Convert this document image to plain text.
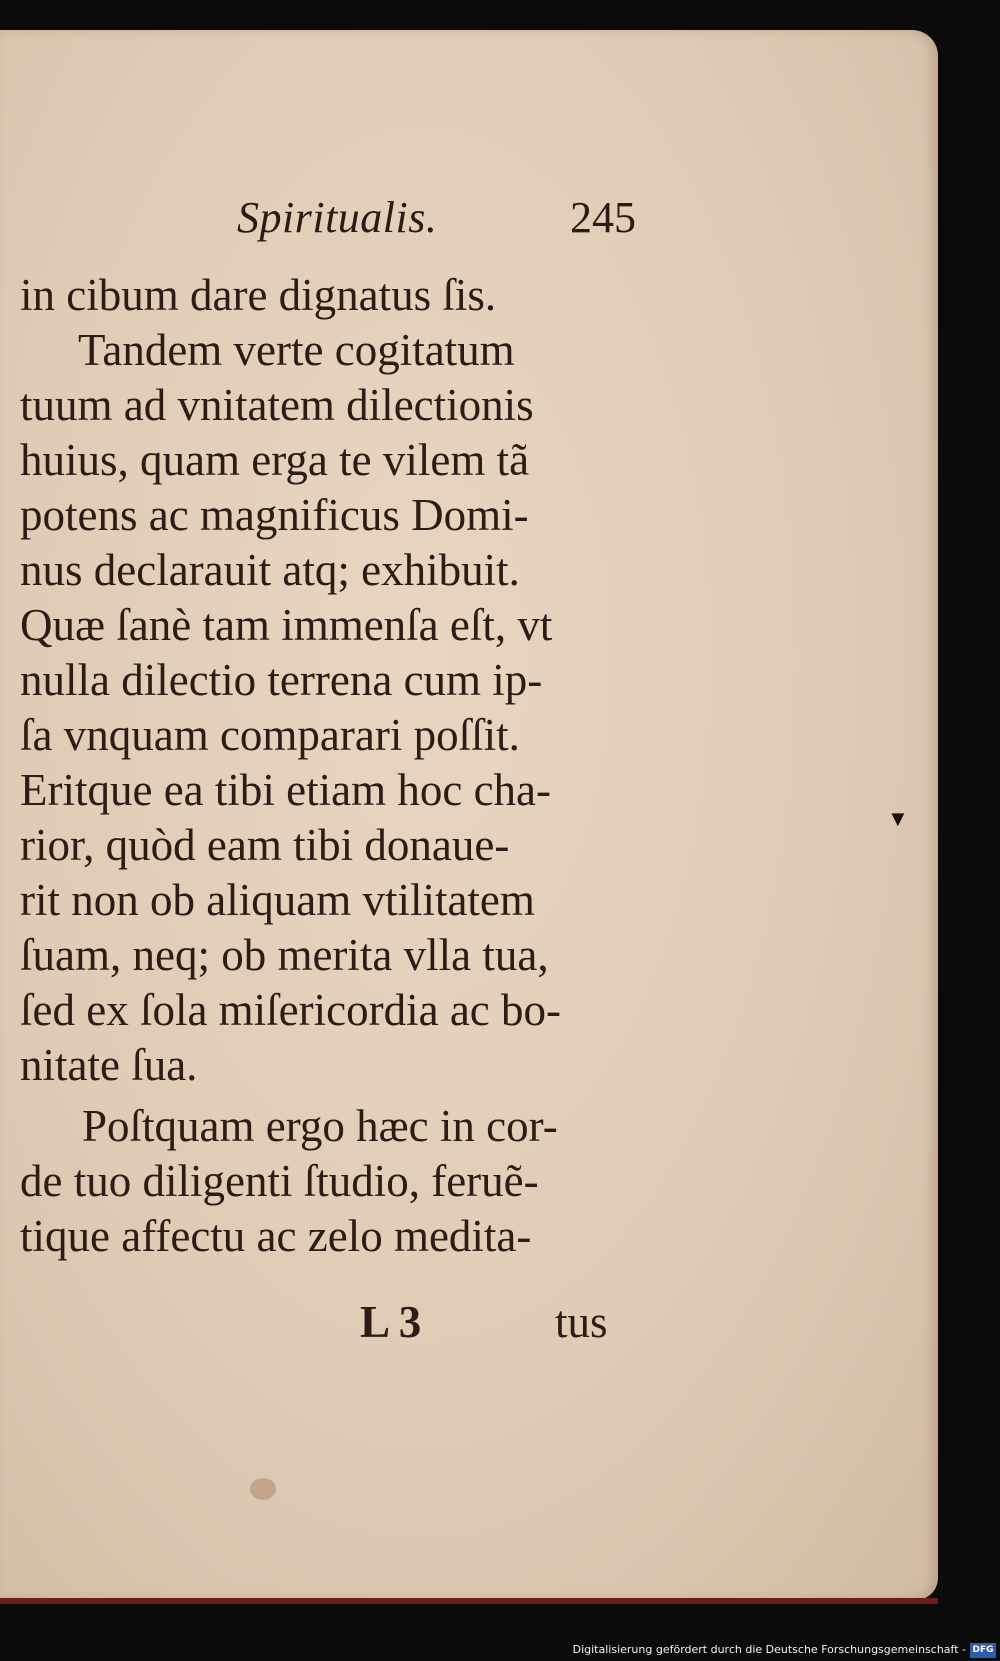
Spiritualis.	245
in cibum dare dignatus ſis.
Tandem verte cogitatum
tuum ad vnitatem dilectionis
huius, quam erga te vilem tã
potens ac magnificus Domi-
nus declarauit atq; exhibuit.
Quæ ſanè tam immenſa eſt, vt
nulla dilectio terrena cum ip-
ſa vnquam comparari poſſit.
Eritque ea tibi etiam hoc cha-
rior, quòd eam tibi donaue-
rit non ob aliquam vtilitatem
ſuam, neq; ob merita vlla tua,
ſed ex ſola miſericordia ac bo-
nitate ſua.
Poſtquam ergo hæc in cor-
de tuo diligenti ſtudio, feruẽ-
tique affectu ac zelo medita-
L 3	tus
▼
Digitalisierung gefördert durch die Deutsche Forschungsgemeinschaft - DFG
